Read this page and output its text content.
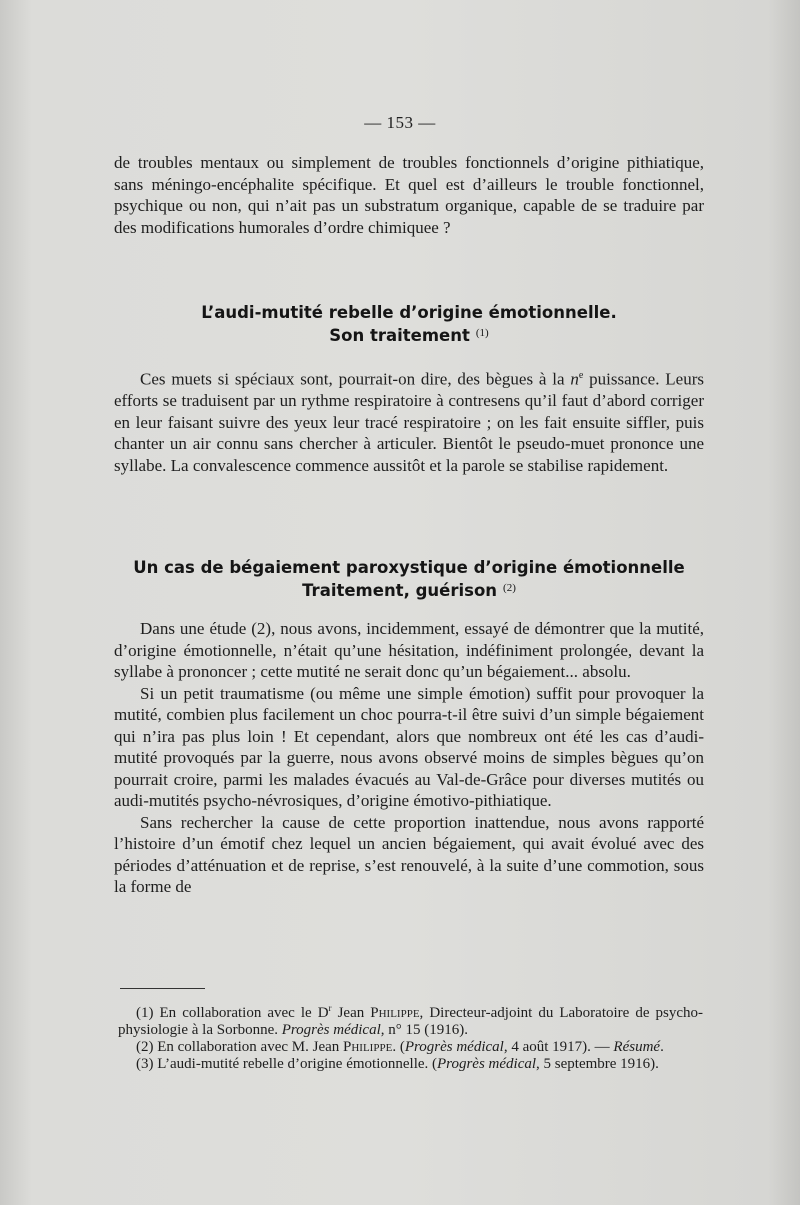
— 153 —

de troubles mentaux ou simplement de troubles fonctionnels d’origine pithiatique, sans méningo-encéphalite spécifique. Et quel est d’ailleurs le trouble fonctionnel, psychique ou non, qui n’ait pas un substratum organique, capable de se traduire par des modifications humorales d’ordre chimiquee ?

L’audi-mutité rebelle d’origine émotionnelle.
Son traitement $^{(1)}$

Ces muets si spéciaux sont, pourrait-on dire, des bègues à la $n^e$ puissance. Leurs efforts se traduisent par un rythme respiratoire à contresens qu’il faut d’abord corriger en leur faisant suivre des yeux leur tracé respiratoire ; on les fait ensuite siffler, puis chanter un air connu sans chercher à articuler. Bientôt le pseudo-muet prononce une syllabe. La convalescence commence aussitôt et la parole se stabilise rapidement.

Un cas de bégaiement paroxystique d’origine émotionnelle
Traitement, guérison $^{(2)}$

Dans une étude (2), nous avons, incidemment, essayé de démontrer que la mutité, d’origine émotionnelle, n’était qu’une hésitation, indéfiniment prolongée, devant la syllabe à prononcer ; cette mutité ne serait donc qu’un bégaiement... absolu.

Si un petit traumatisme (ou même une simple émotion) suffit pour provoquer la mutité, combien plus facilement un choc pourra-t-il être suivi d’un simple bégaiement qui n’ira pas plus loin ! Et cependant, alors que nombreux ont été les cas d’audi-mutité provoqués par la guerre, nous avons observé moins de simples bègues qu’on pourrait croire, parmi les malades évacués au Val-de-Grâce pour diverses mutités ou audi-mutités psycho-névrosiques, d’origine émotivo-pithiatique.

Sans rechercher la cause de cette proportion inattendue, nous avons rapporté l’histoire d’un émotif chez lequel un ancien bégaiement, qui avait évolué avec des périodes d’atténuation et de reprise, s’est renouvelé, à la suite d’une commotion, sous la forme de

(1) En collaboration avec le $D^r$ Jean Philippe, Directeur-adjoint du Laboratoire de psycho-physiologie à la Sorbonne. Progrès médical, n° 15 (1916).

(2) En collaboration avec M. Jean Philippe. (Progrès médical, 4 août 1917). — Résumé.

(3) L’audi-mutité rebelle d’origine émotionnelle. (Progrès médical, 5 septembre 1916).
